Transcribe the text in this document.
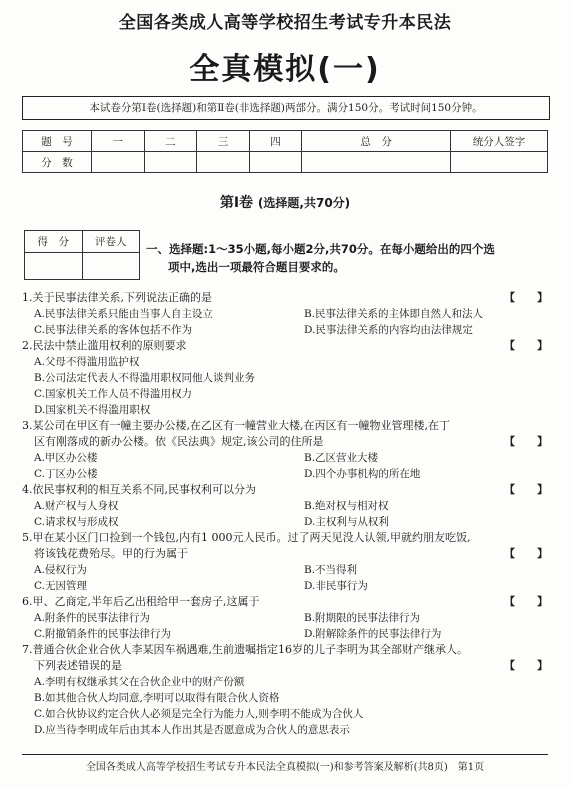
全国各类成人高等学校招生考试专升本民法
全真模拟(一)
本试卷分第Ⅰ卷(选择题)和第Ⅱ卷(非选择题)两部分。满分150分。考试时间150分钟。
题　号	一	二	三	四	总　分	统分人签字
分　数						
第Ⅰ卷 (选择题,共70分)
得　分	评卷人
	一、选择题:1～35小题,每小题2分,共70分。在每小题给出的四个选
项中,选出一项最符合题目要求的。
1.关于民事法律关系,下列说法正确的是	【　　】
A.民事法律关系只能由当事人自主设立	B.民事法律关系的主体即自然人和法人
C.民事法律关系的客体包括不作为	D.民事法律关系的内容均由法律规定
2.民法中禁止滥用权利的原则要求	【　　】
A.父母不得滥用监护权
B.公司法定代表人不得滥用职权同他人谈判业务
C.国家机关工作人员不得滥用权力
D.国家机关不得滥用职权
3.某公司在甲区有一幢主要办公楼,在乙区有一幢营业大楼,在丙区有一幢物业管理楼,在丁
区有刚落成的新办公楼。依《民法典》规定,该公司的住所是	【　　】
A.甲区办公楼	B.乙区营业大楼
C.丁区办公楼	D.四个办事机构的所在地
4.依民事权利的相互关系不同,民事权利可以分为	【　　】
A.财产权与人身权	B.绝对权与相对权
C.请求权与形成权	D.主权利与从权利
5.甲在某小区门口捡到一个钱包,内有1 000元人民币。过了两天见没人认领,甲就约朋友吃饭,
将该钱花费殆尽。甲的行为属于	【　　】
A.侵权行为	B.不当得利
C.无因管理	D.非民事行为
6.甲、乙商定,半年后乙出租给甲一套房子,这属于	【　　】
A.附条件的民事法律行为	B.附期限的民事法律行为
C.附撤销条件的民事法律行为	D.附解除条件的民事法律行为
7.普通合伙企业合伙人李某因车祸遇难,生前遗嘱指定16岁的儿子李明为其全部财产继承人。
下列表述错误的是	【　　】
A.李明有权继承其父在合伙企业中的财产份额
B.如其他合伙人均同意,李明可以取得有限合伙人资格
C.如合伙协议约定合伙人必须是完全行为能力人,则李明不能成为合伙人
D.应当待李明成年后由其本人作出其是否愿意成为合伙人的意思表示
全国各类成人高等学校招生考试专升本民法全真模拟(一)和参考答案及解析(共8页)　第1页
